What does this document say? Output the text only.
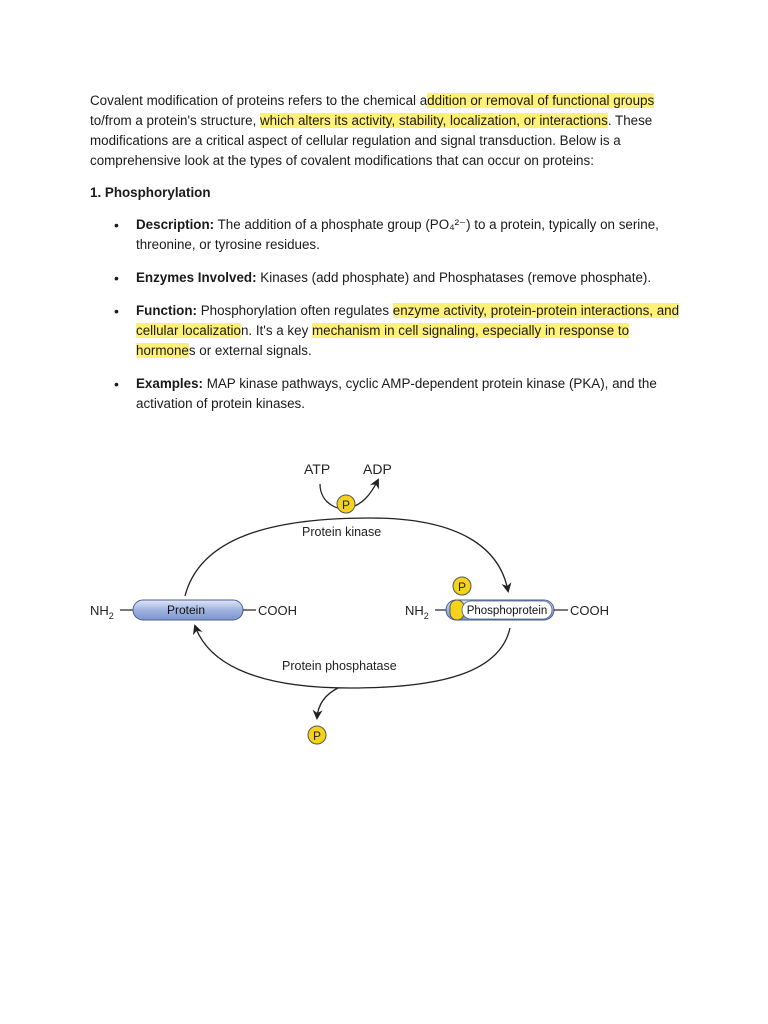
Covalent modification of proteins refers to the chemical addition or removal of functional groups to/from a protein's structure, which alters its activity, stability, localization, or interactions. These modifications are a critical aspect of cellular regulation and signal transduction. Below is a comprehensive look at the types of covalent modifications that can occur on proteins:

1. Phosphorylation

• Description: The addition of a phosphate group (PO₄²⁻) to a protein, typically on serine, threonine, or tyrosine residues.
• Enzymes Involved: Kinases (add phosphate) and Phosphatases (remove phosphate).
• Function: Phosphorylation often regulates enzyme activity, protein-protein interactions, and cellular localization. It's a key mechanism in cell signaling, especially in response to hormones or external signals.
• Examples: MAP kinase pathways, cyclic AMP-dependent protein kinase (PKA), and the activation of protein kinases.
ATP ADP
P
Protein kinase
$NH_2$	Protein	COOH	$NH_2$	Phosphoprotein COOH
P
Protein phosphatase
P
